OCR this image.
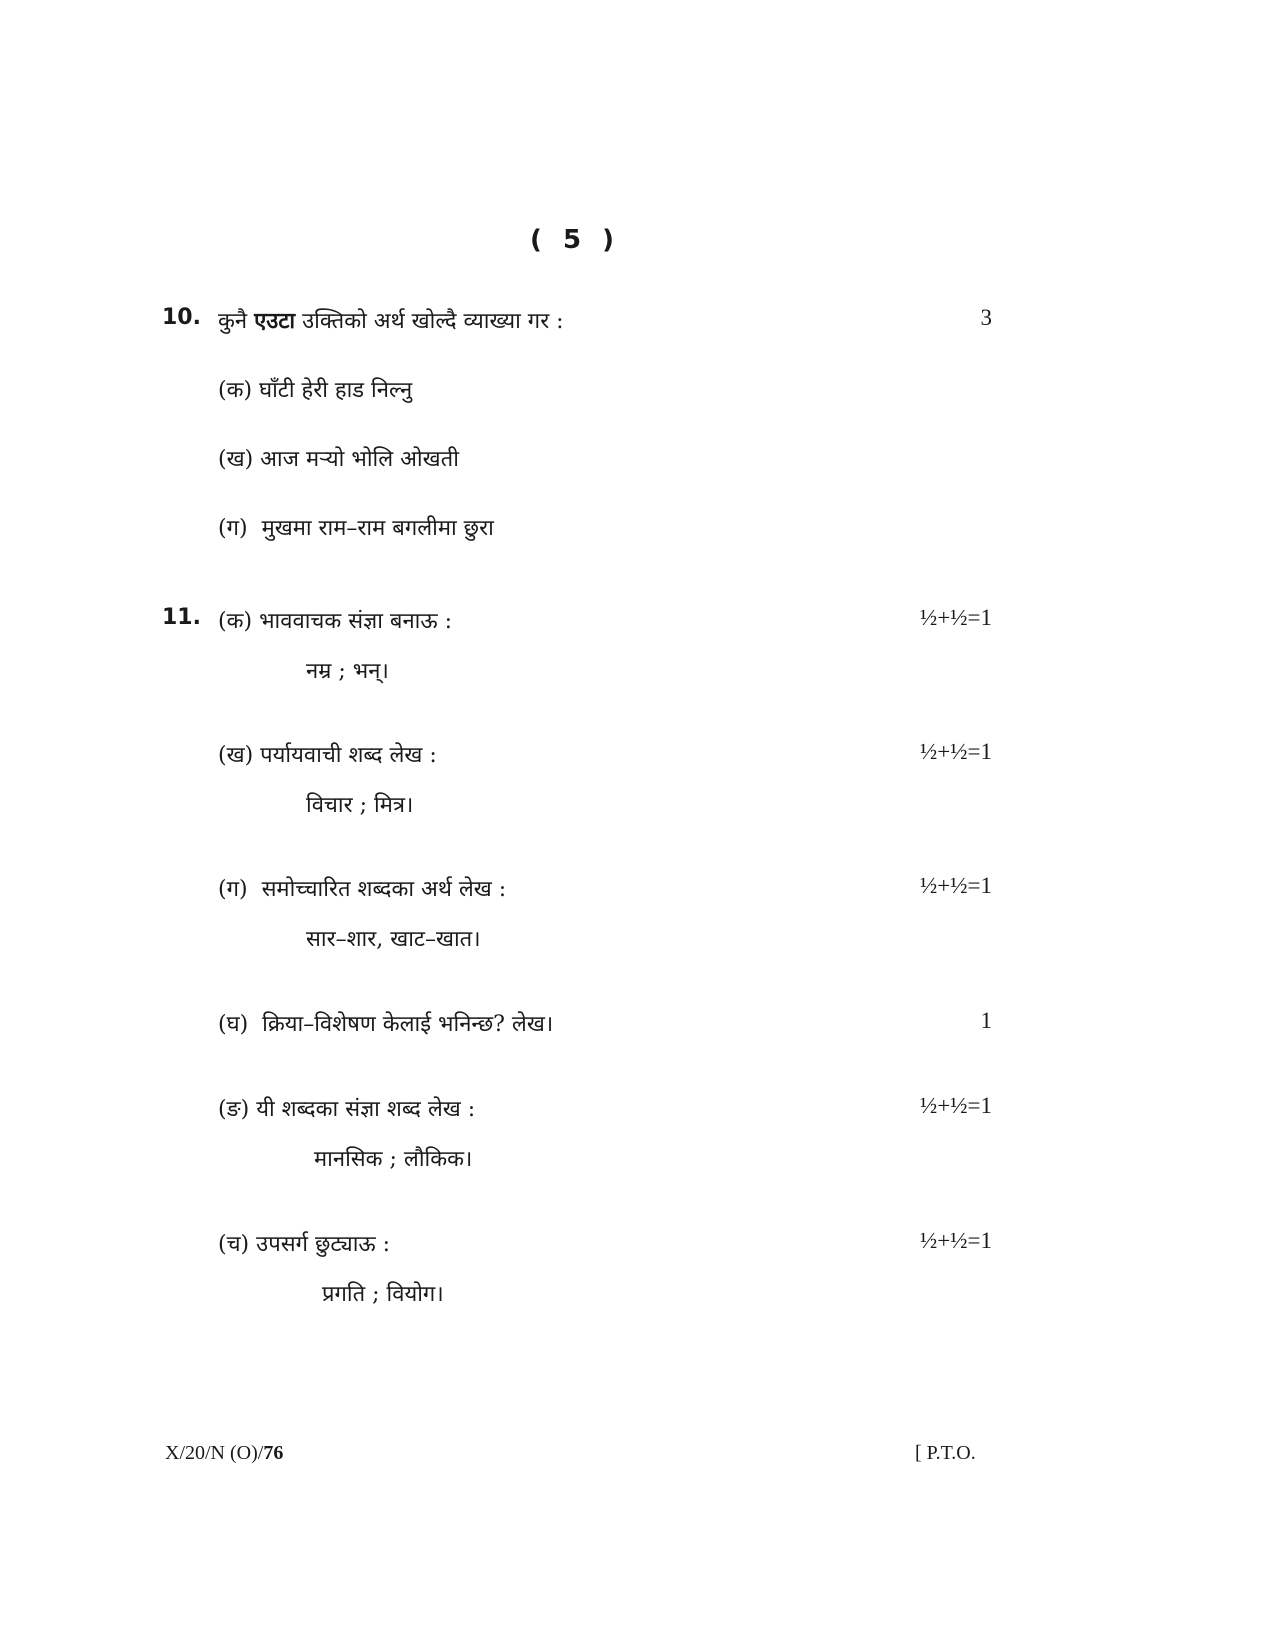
( 5 )
10. कुनै एउटा उक्तिको अर्थ खोल्दै व्याख्या गर :	3
(क) घाँटी हेरी हाड निल्नु
(ख) आज मऱ्यो भोलि ओखती
(ग) मुखमा राम–राम बगलीमा छुरा
11. (क) भाववाचक संज्ञा बनाऊ :	½+½=1
नम्र ; भन्।
(ख) पर्यायवाची शब्द लेख :	½+½=1
विचार ; मित्र।
(ग) समोच्चारित शब्दका अर्थ लेख :	½+½=1
सार–शार, खाट–खात।
(घ) क्रिया–विशेषण केलाई भनिन्छ? लेख।	1
(ङ) यी शब्दका संज्ञा शब्द लेख :	½+½=1
मानसिक ; लौकिक।
(च) उपसर्ग छुट्याऊ :	½+½=1
प्रगति ; वियोग।
X/20/N (O)/76	[ P.T.O.
